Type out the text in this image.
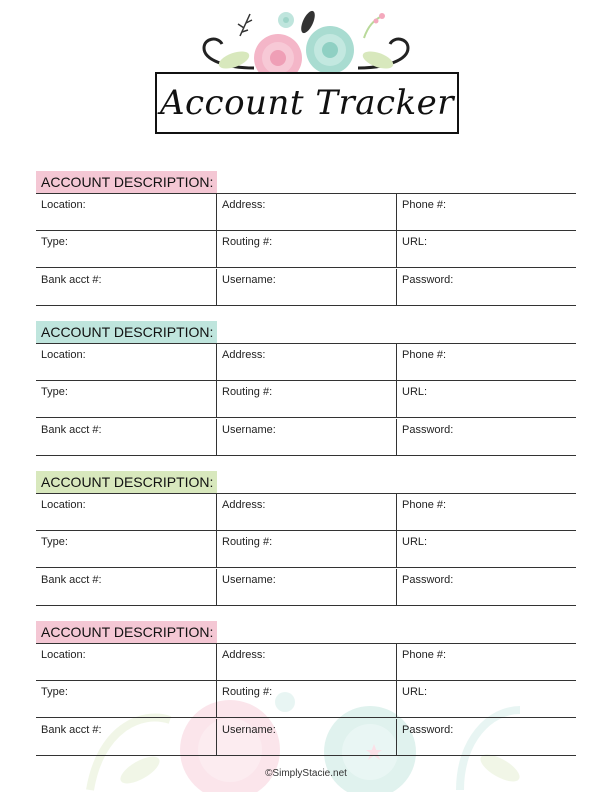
Account Tracker
ACCOUNT DESCRIPTION:
Location:	Address:	Phone #:
Type:	Routing #:	URL:
Bank acct #:	Username:	Password:
ACCOUNT DESCRIPTION:
Location:	Address:	Phone #:
Type:	Routing #:	URL:
Bank acct #:	Username:	Password:
ACCOUNT DESCRIPTION:
Location:	Address:	Phone #:
Type:	Routing #:	URL:
Bank acct #:	Username:	Password:
ACCOUNT DESCRIPTION:
Location:	Address:	Phone #:
Type:	Routing #:	URL:
Bank acct #:	Username:	Password:
©SimplyStacie.net
